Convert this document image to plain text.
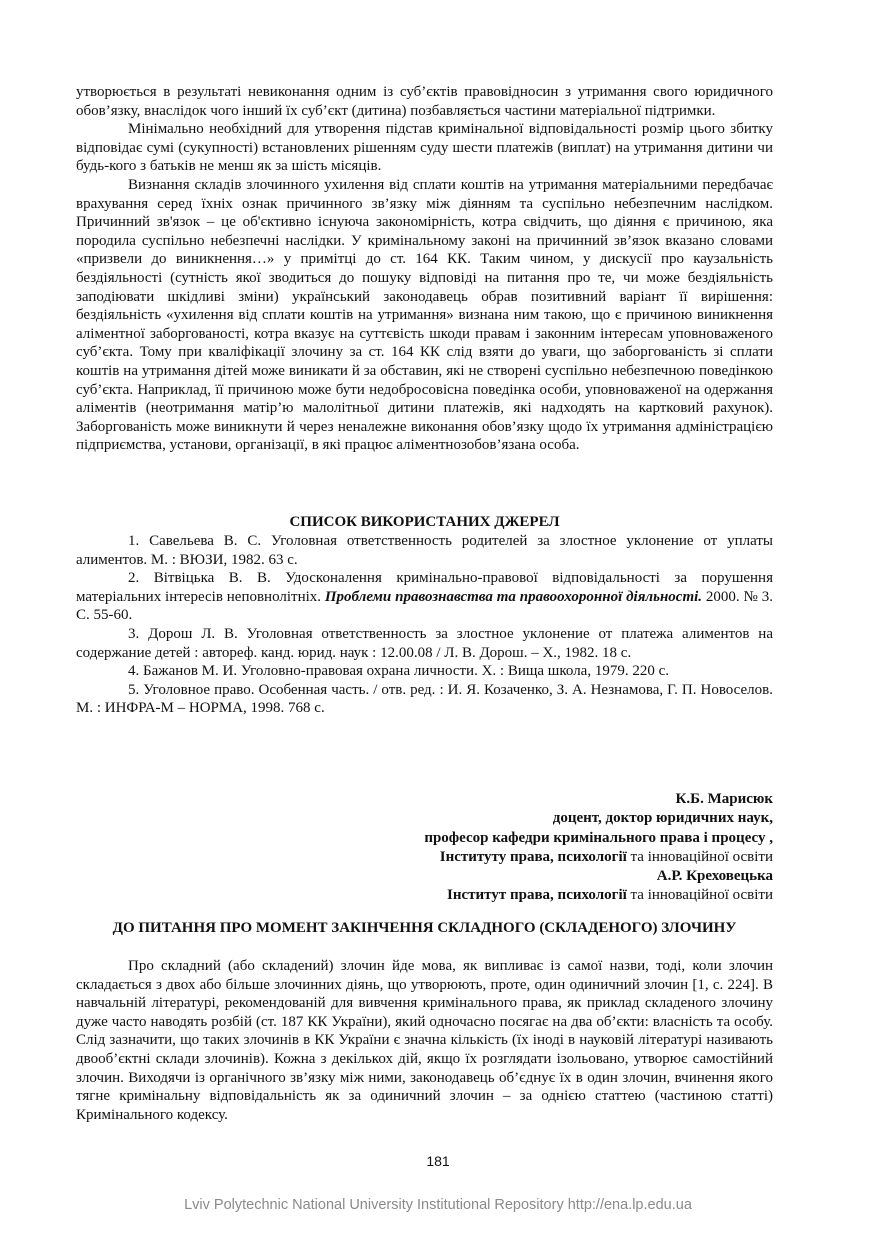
утворюється в результаті невиконання одним із суб’єктів правовідносин з утримання свого юридичного обов’язку, внаслідок чого інший їх суб’єкт (дитина) позбавляється частини матеріальної підтримки.

Мінімально необхідний для утворення підстав кримінальної відповідальності розмір цього збитку відповідає сумі (сукупності) встановлених рішенням суду шести платежів (виплат) на утримання дитини чи будь-кого з батьків не менш як за шість місяців.

Визнання складів злочинного ухилення від сплати коштів на утримання матеріальними передбачає врахування серед їхніх ознак причинного зв’язку між діянням та суспільно небезпечним наслідком. Причинний зв'язок – це об'єктивно існуюча закономірність, котра свідчить, що діяння є причиною, яка породила суспільно небезпечні наслідки. У кримінальному законі на причинний зв’язок вказано словами «призвели до виникнення…» у примітці до ст. 164 КК. Таким чином, у дискусії про каузальність бездіяльності (сутність якої зводиться до пошуку відповіді на питання про те, чи може бездіяльність заподіювати шкідливі зміни) український законодавець обрав позитивний варіант її вирішення: бездіяльність «ухилення від сплати коштів на утримання» визнана ним такою, що є причиною виникнення аліментної заборгованості, котра вказує на суттєвість шкоди правам і законним інтересам уповноваженого суб’єкта. Тому при кваліфікації злочину за ст. 164 КК слід взяти до уваги, що заборгованість зі сплати коштів на утримання дітей може виникати й за обставин, які не створені суспільно небезпечною поведінкою суб’єкта. Наприклад, її причиною може бути недобросовісна поведінка особи, уповноваженої на одержання аліментів (неотримання матір’ю малолітньої дитини платежів, які надходять на картковий рахунок). Заборгованість може виникнути й через неналежне виконання обов’язку щодо їх утримання адміністрацією підприємства, установи, організації, в які працює аліментнозобов’язана особа.

СПИСОК ВИКОРИСТАНИХ ДЖЕРЕЛ

1. Савельева В. С. Уголовная ответственность родителей за злостное уклонение от уплаты алиментов. М. : ВЮЗИ, 1982. 63 с.

2. Вітвіцька В. В. Удосконалення кримінально-правової відповідальності за порушення матеріальних інтересів неповнолітніх. Проблеми правознавства та правоохоронної діяльності. 2000. № 3. С. 55-60.

3. Дорош Л. В. Уголовная ответственность за злостное уклонение от платежа алиментов на содержание детей : автореф. канд. юрид. наук : 12.00.08 / Л. В. Дорош. – Х., 1982. 18 с.

4. Бажанов М. И. Уголовно-правовая охрана личности. Х. : Вища школа, 1979. 220 с.

5. Уголовное право. Особенная часть. / отв. ред. : И. Я. Козаченко, З. А. Незнамова, Г. П. Новоселов. М. : ИНФРА-М – НОРМА, 1998. 768 с.

К.Б. Марисюк
доцент, доктор юридичних наук,
професор кафедри кримінального права і процесу ,
Інституту права, психології та інноваційної освіти
А.Р. Креховецька
Інститут права, психології та інноваційної освіти
ДО ПИТАННЯ ПРО МОМЕНТ ЗАКІНЧЕННЯ СКЛАДНОГО (СКЛАДЕНОГО) ЗЛОЧИНУ

Про складний (або складений) злочин йде мова, як випливає із самої назви, тоді, коли злочин складається з двох або більше злочинних діянь, що утворюють, проте, один одиничний злочин [1, с. 224]. В навчальній літературі, рекомендованій для вивчення кримінального права, як приклад складеного злочину дуже часто наводять розбій (ст. 187 КК України), який одночасно посягає на два об’єкти: власність та особу. Слід зазначити, що таких злочинів в КК України є значна кількість (їх іноді в науковій літературі називають двооб’єктні склади злочинів). Кожна з декількох дій, якщо їх розглядати ізольовано, утворює самостійний злочин. Виходячи із органічного зв’язку між ними, законодавець об’єднує їх в один злочин, вчинення якого тягне кримінальну відповідальність як за одиничний злочин – за однією статтею (частиною статті) Кримінального кодексу.

181
Lviv Polytechnic National University Institutional Repository http://ena.lp.edu.ua
